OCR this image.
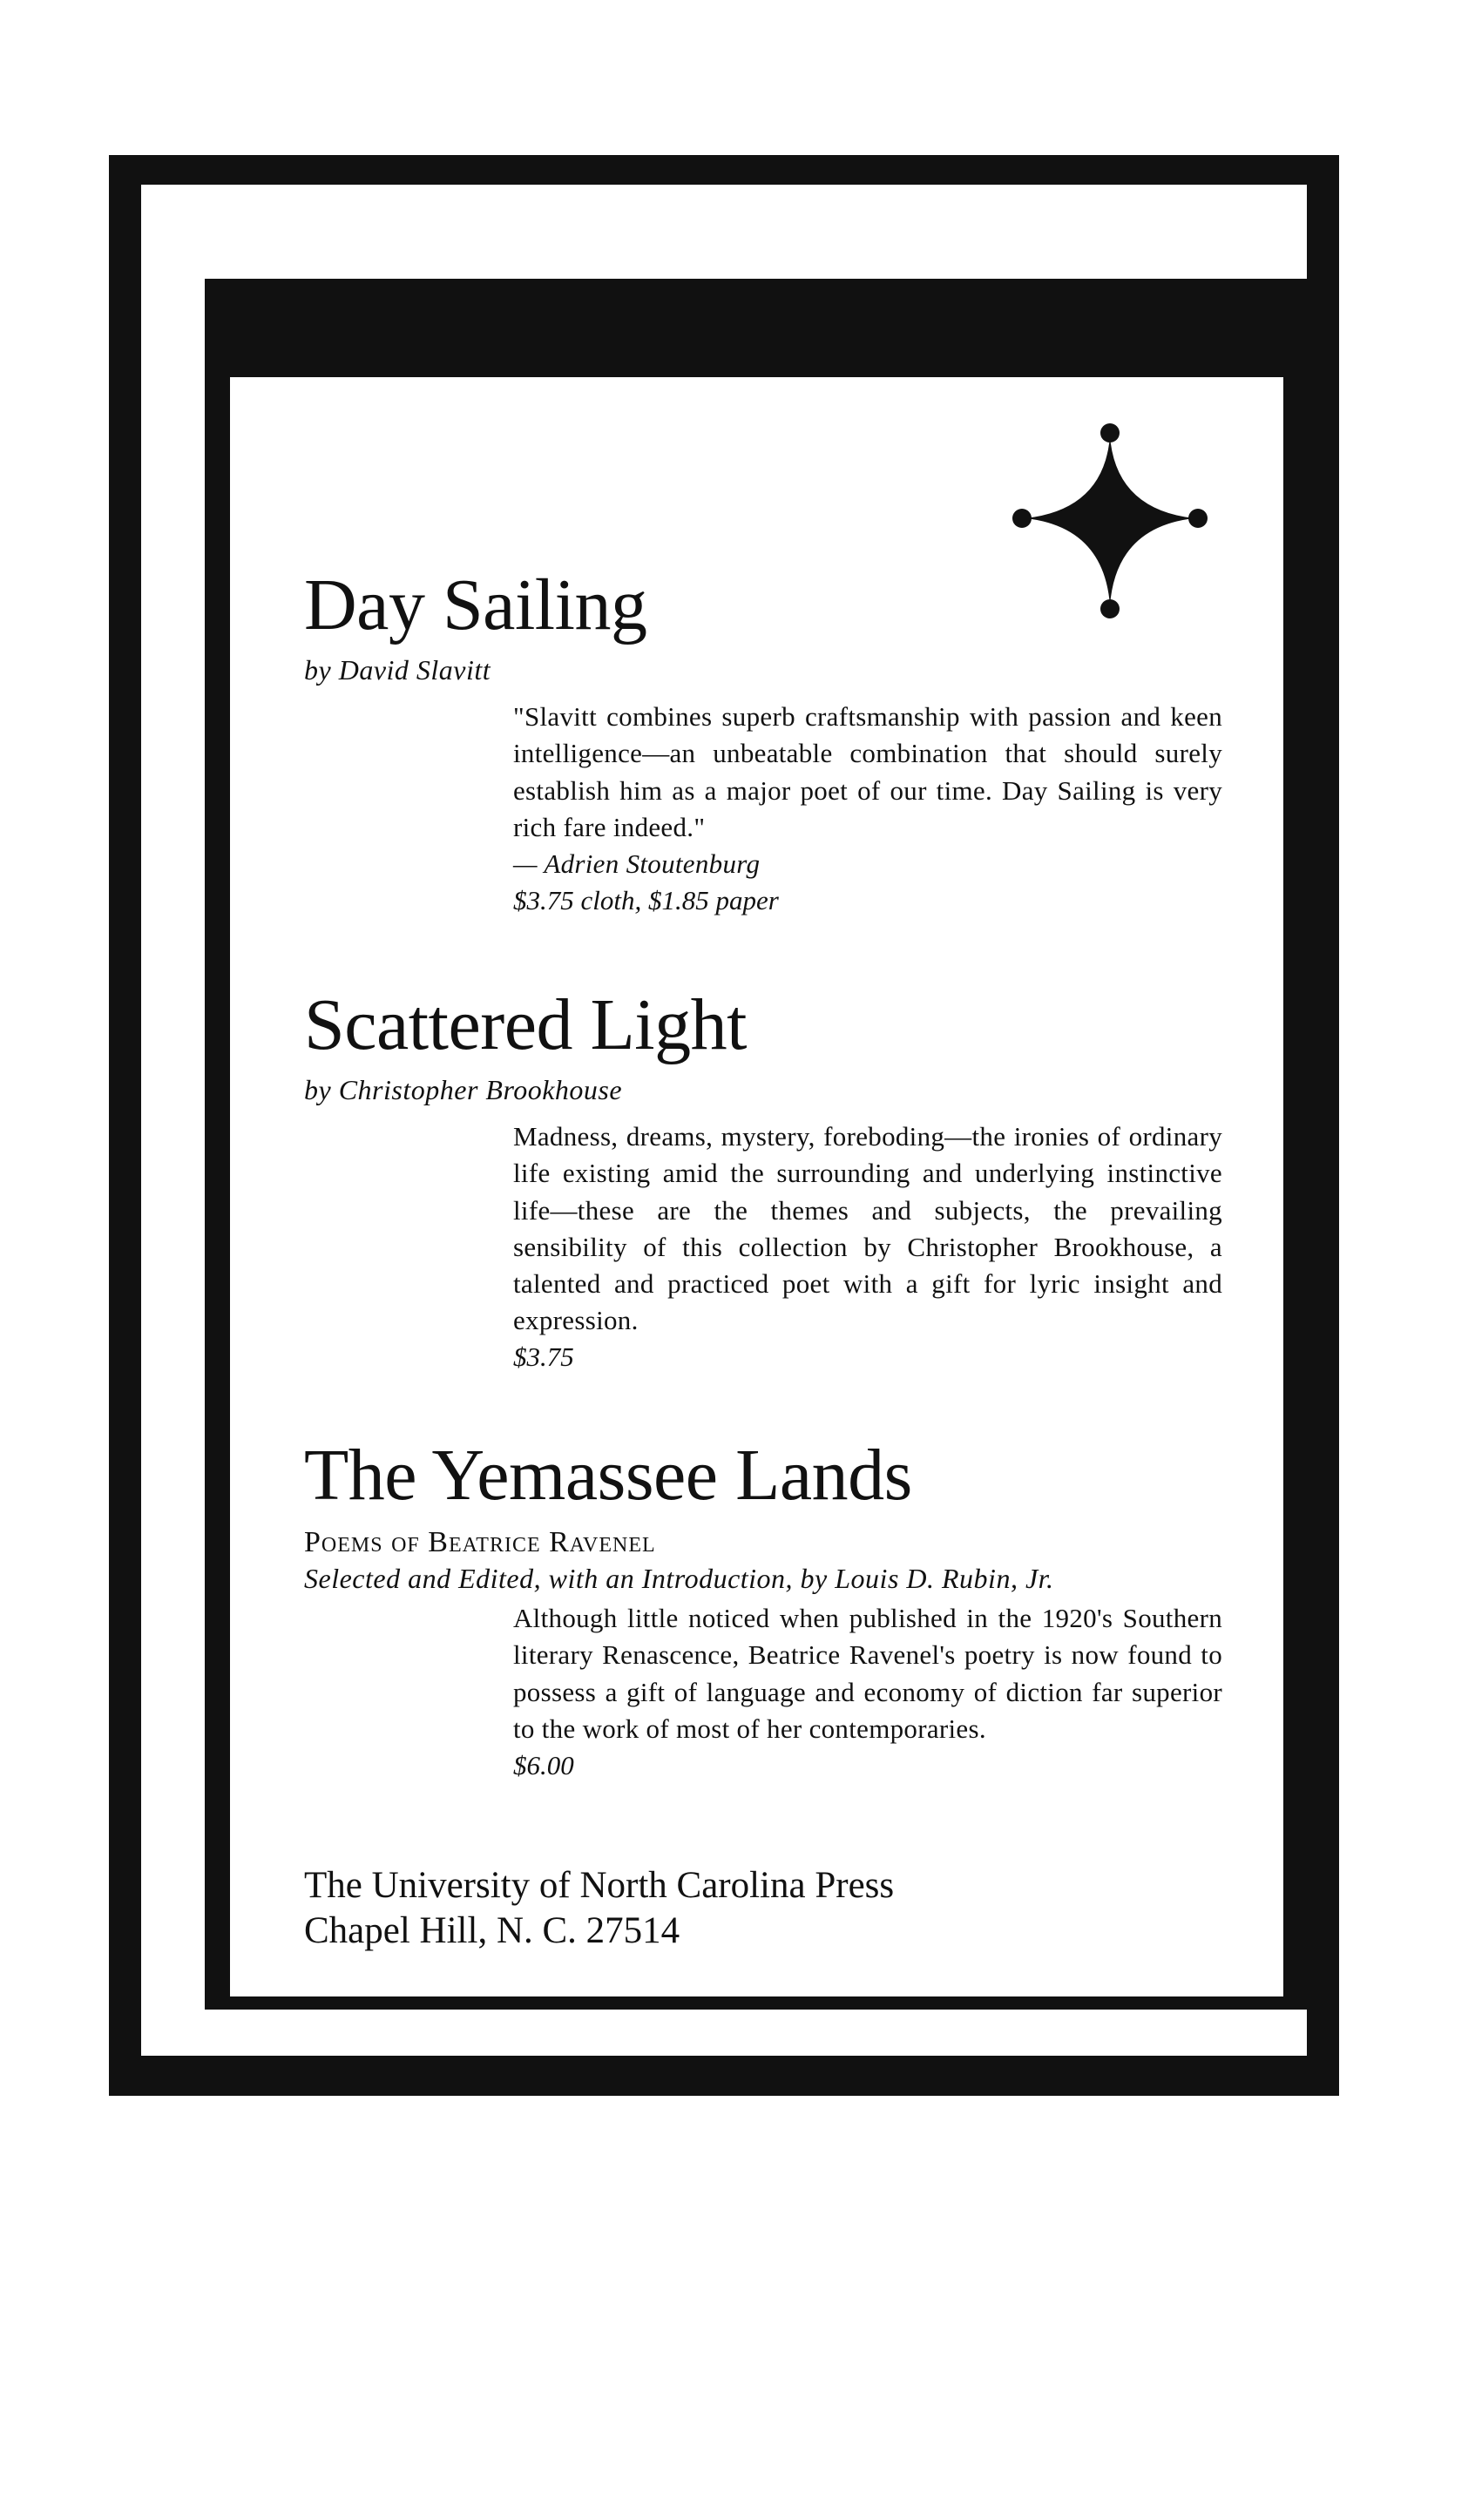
Day Sailing
by David Slavitt
"Slavitt combines superb craftsmanship with passion and keen intelligence—an unbeatable combination that should surely establish him as a major poet of our time. Day Sailing is very rich fare indeed."
— Adrien Stoutenburg
$3.75 cloth, $1.85 paper
Scattered Light
by Christopher Brookhouse
Madness, dreams, mystery, foreboding—the ironies of ordinary life existing amid the surrounding and underlying instinctive life—these are the themes and subjects, the prevailing sensibility of this collection by Christopher Brookhouse, a talented and practiced poet with a gift for lyric insight and expression.
$3.75
The Yemassee Lands
Poems of Beatrice Ravenel
Selected and Edited, with an Introduction, by Louis D. Rubin, Jr.
Although little noticed when published in the 1920's Southern literary Renascence, Beatrice Ravenel's poetry is now found to possess a gift of language and economy of diction far superior to the work of most of her contemporaries.
$6.00
The University of North Carolina Press
Chapel Hill, N. C. 27514
